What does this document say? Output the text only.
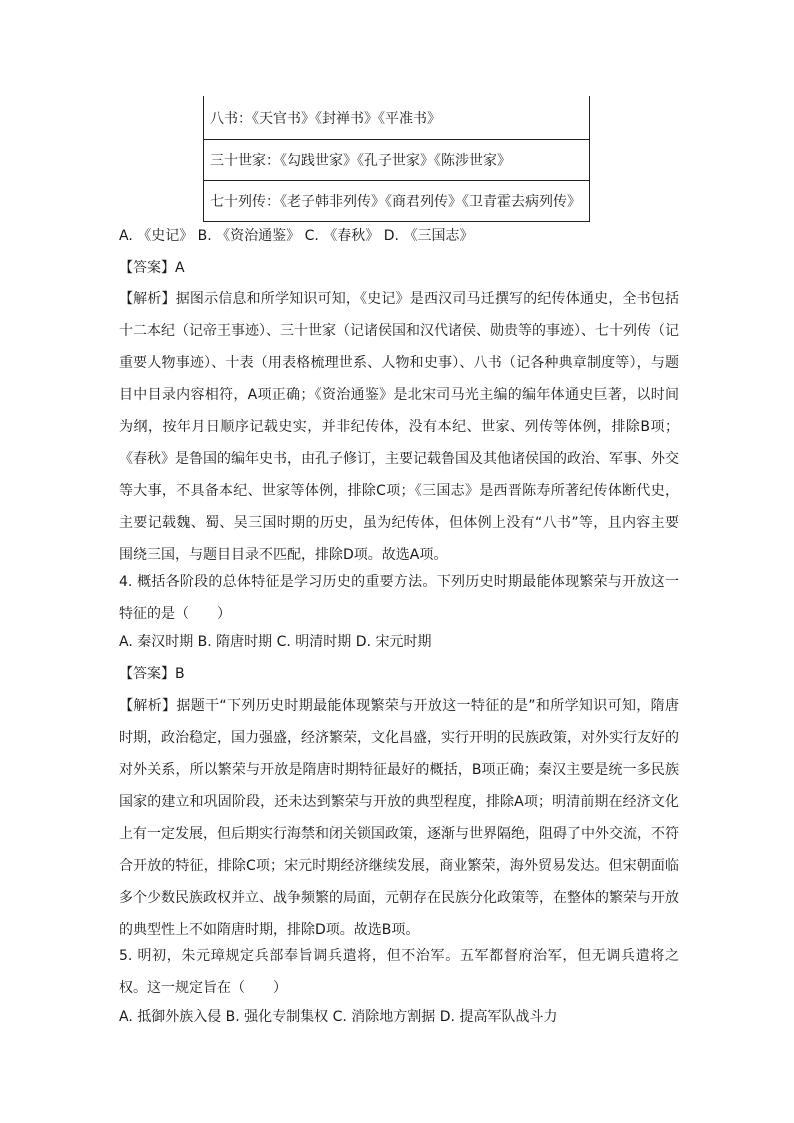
八书：《天官书》《封禅书》《平准书》
三十世家：《勾践世家》《孔子世家》《陈涉世家》
七十列传：《老子韩非列传》《商君列传》《卫青霍去病列传》
A. 《史记》 B. 《资治通鉴》 C. 《春秋》 D. 《三国志》
【答案】A
【解析】据图示信息和所学知识可知，《史记》是西汉司马迁撰写的纪传体通史，全书包括十二本纪（记帝王事迹）、三十世家（记诸侯国和汉代诸侯、勋贵等的事迹）、七十列传（记重要人物事迹）、十表（用表格梳理世系、人物和史事）、八书（记各种典章制度等），与题目中目录内容相符，A项正确；《资治通鉴》是北宋司马光主编的编年体通史巨著，以时间为纲，按年月日顺序记载史实，并非纪传体，没有本纪、世家、列传等体例，排除B项；《春秋》是鲁国的编年史书，由孔子修订，主要记载鲁国及其他诸侯国的政治、军事、外交等大事，不具备本纪、世家等体例，排除C项；《三国志》是西晋陈寿所著纪传体断代史，主要记载魏、蜀、吴三国时期的历史，虽为纪传体，但体例上没有“八书”等，且内容主要围绕三国，与题目目录不匹配，排除D项。故选A项。
4. 概括各阶段的总体特征是学习历史的重要方法。下列历史时期最能体现繁荣与开放这一特征的是（　　）
A. 秦汉时期 B. 隋唐时期 C. 明清时期 D. 宋元时期
【答案】B
【解析】据题干“下列历史时期最能体现繁荣与开放这一特征的是”和所学知识可知，隋唐时期，政治稳定，国力强盛，经济繁荣，文化昌盛，实行开明的民族政策，对外实行友好的对外关系，所以繁荣与开放是隋唐时期特征最好的概括，B项正确；秦汉主要是统一多民族国家的建立和巩固阶段，还未达到繁荣与开放的典型程度，排除A项；明清前期在经济文化上有一定发展，但后期实行海禁和闭关锁国政策，逐渐与世界隔绝，阻碍了中外交流，不符合开放的特征，排除C项；宋元时期经济继续发展，商业繁荣，海外贸易发达。但宋朝面临多个少数民族政权并立、战争频繁的局面，元朝存在民族分化政策等，在整体的繁荣与开放的典型性上不如隋唐时期，排除D项。故选B项。
5. 明初，朱元璋规定兵部奉旨调兵遣将，但不治军。五军都督府治军，但无调兵遣将之权。这一规定旨在（　　）
A. 抵御外族入侵 B. 强化专制集权 C. 消除地方割据 D. 提高军队战斗力
